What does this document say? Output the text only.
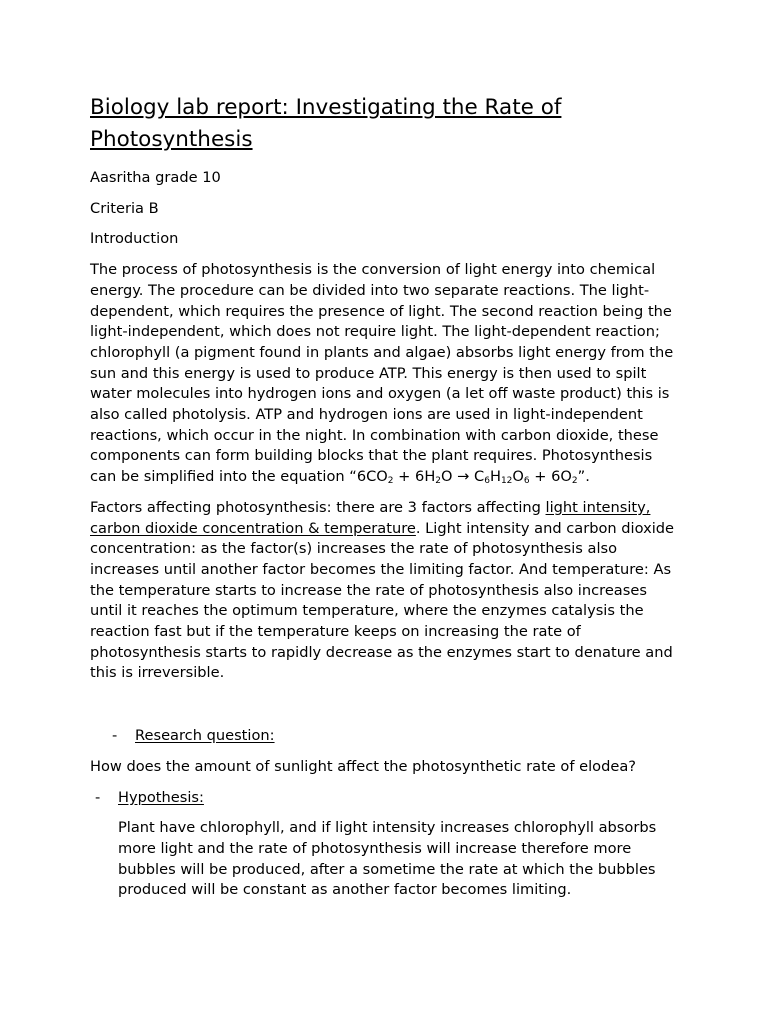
Biology lab report: Investigating the Rate of
Photosynthesis

Aasritha grade 10

Criteria B

Introduction

The process of photosynthesis is the conversion of light energy into chemical energy. The procedure can be divided into two separate reactions. The light-dependent, which requires the presence of light. The second reaction being the light-independent, which does not require light. The light-dependent reaction; chlorophyll (a pigment found in plants and algae) absorbs light energy from the sun and this energy is used to produce ATP. This energy is then used to spilt water molecules into hydrogen ions and oxygen (a let off waste product) this is also called photolysis. ATP and hydrogen ions are used in light-independent reactions, which occur in the night. In combination with carbon dioxide, these components can form building blocks that the plant requires. Photosynthesis can be simplified into the equation “$6CO_2 + 6H_2O \to C_6H_{12}O_6 + 6O_2$”.

Factors affecting photosynthesis: there are 3 factors affecting light intensity, carbon dioxide concentration & temperature. Light intensity and carbon dioxide concentration: as the factor(s) increases the rate of photosynthesis also increases until another factor becomes the limiting factor. And temperature: As the temperature starts to increase the rate of photosynthesis also increases until it reaches the optimum temperature, where the enzymes catalysis the reaction fast but if the temperature keeps on increasing the rate of photosynthesis starts to rapidly decrease as the enzymes start to denature and this is irreversible.

-	Research question:

How does the amount of sunlight affect the photosynthetic rate of elodea?

-	Hypothesis:

Plant have chlorophyll, and if light intensity increases chlorophyll absorbs more light and the rate of photosynthesis will increase therefore more bubbles will be produced, after a sometime the rate at which the bubbles produced will be constant as another factor becomes limiting.
